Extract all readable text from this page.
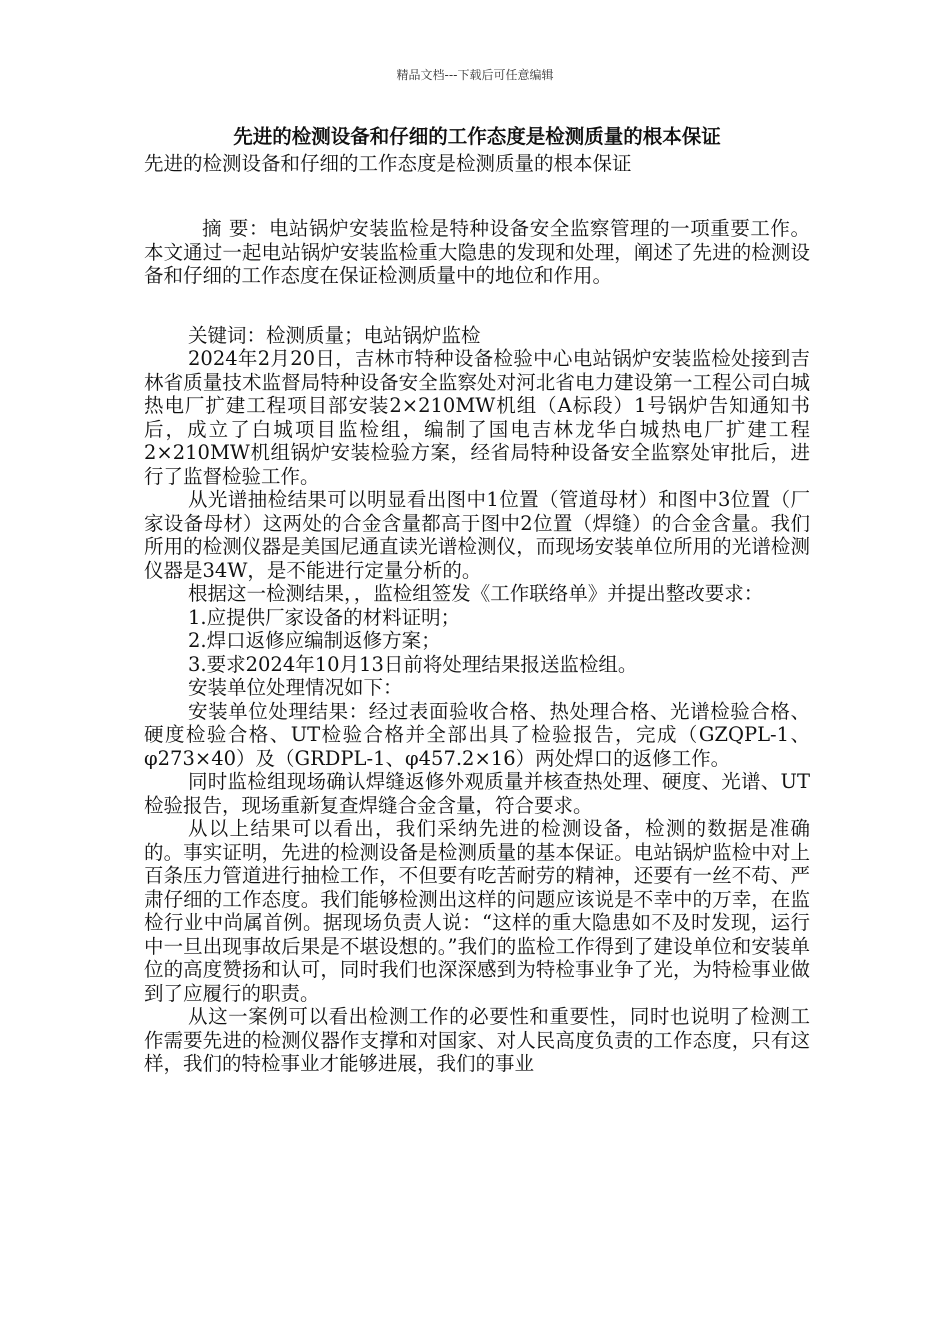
精品文档---下载后可任意编辑
先进的检测设备和仔细的工作态度是检测质量的根本保证
先进的检测设备和仔细的工作态度是检测质量的根本保证

摘 要：电站锅炉安装监检是特种设备安全监察管理的一项重要工作。本文通过一起电站锅炉安装监检重大隐患的发现和处理，阐述了先进的检测设备和仔细的工作态度在保证检测质量中的地位和作用。

关键词：检测质量；电站锅炉监检

2024年2月20日，吉林市特种设备检验中心电站锅炉安装监检处接到吉林省质量技术监督局特种设备安全监察处对河北省电力建设第一工程公司白城热电厂扩建工程项目部安装2×210MW机组（A标段）1号锅炉告知通知书后，成立了白城项目监检组，编制了国电吉林龙华白城热电厂扩建工程2×210MW机组锅炉安装检验方案，经省局特种设备安全监察处审批后，进行了监督检验工作。

从光谱抽检结果可以明显看出图中1位置（管道母材）和图中3位置（厂家设备母材）这两处的合金含量都高于图中2位置（焊缝）的合金含量。我们所用的检测仪器是美国尼通直读光谱检测仪，而现场安装单位所用的光谱检测仪器是34W，是不能进行定量分析的。

根据这一检测结果，，监检组签发《工作联络单》并提出整改要求：

1.应提供厂家设备的材料证明；

2.焊口返修应编制返修方案；

3.要求2024年10月13日前将处理结果报送监检组。

安装单位处理情况如下：

安装单位处理结果：经过表面验收合格、热处理合格、光谱检验合格、硬度检验合格、UT检验合格并全部出具了检验报告，完成（GZQPL-1、φ273×40）及（GRDPL-1、φ457.2×16）两处焊口的返修工作。

同时监检组现场确认焊缝返修外观质量并核查热处理、硬度、光谱、UT检验报告，现场重新复查焊缝合金含量，符合要求。

从以上结果可以看出，我们采纳先进的检测设备，检测的数据是准确的。事实证明，先进的检测设备是检测质量的基本保证。电站锅炉监检中对上百条压力管道进行抽检工作，不但要有吃苦耐劳的精神，还要有一丝不苟、严肃仔细的工作态度。我们能够检测出这样的问题应该说是不幸中的万幸，在监检行业中尚属首例。据现场负责人说：“这样的重大隐患如不及时发现，运行中一旦出现事故后果是不堪设想的。”我们的监检工作得到了建设单位和安装单位的高度赞扬和认可，同时我们也深深感到为特检事业争了光，为特检事业做到了应履行的职责。

从这一案例可以看出检测工作的必要性和重要性，同时也说明了检测工作需要先进的检测仪器作支撑和对国家、对人民高度负责的工作态度，只有这样，我们的特检事业才能够进展，我们的事业
